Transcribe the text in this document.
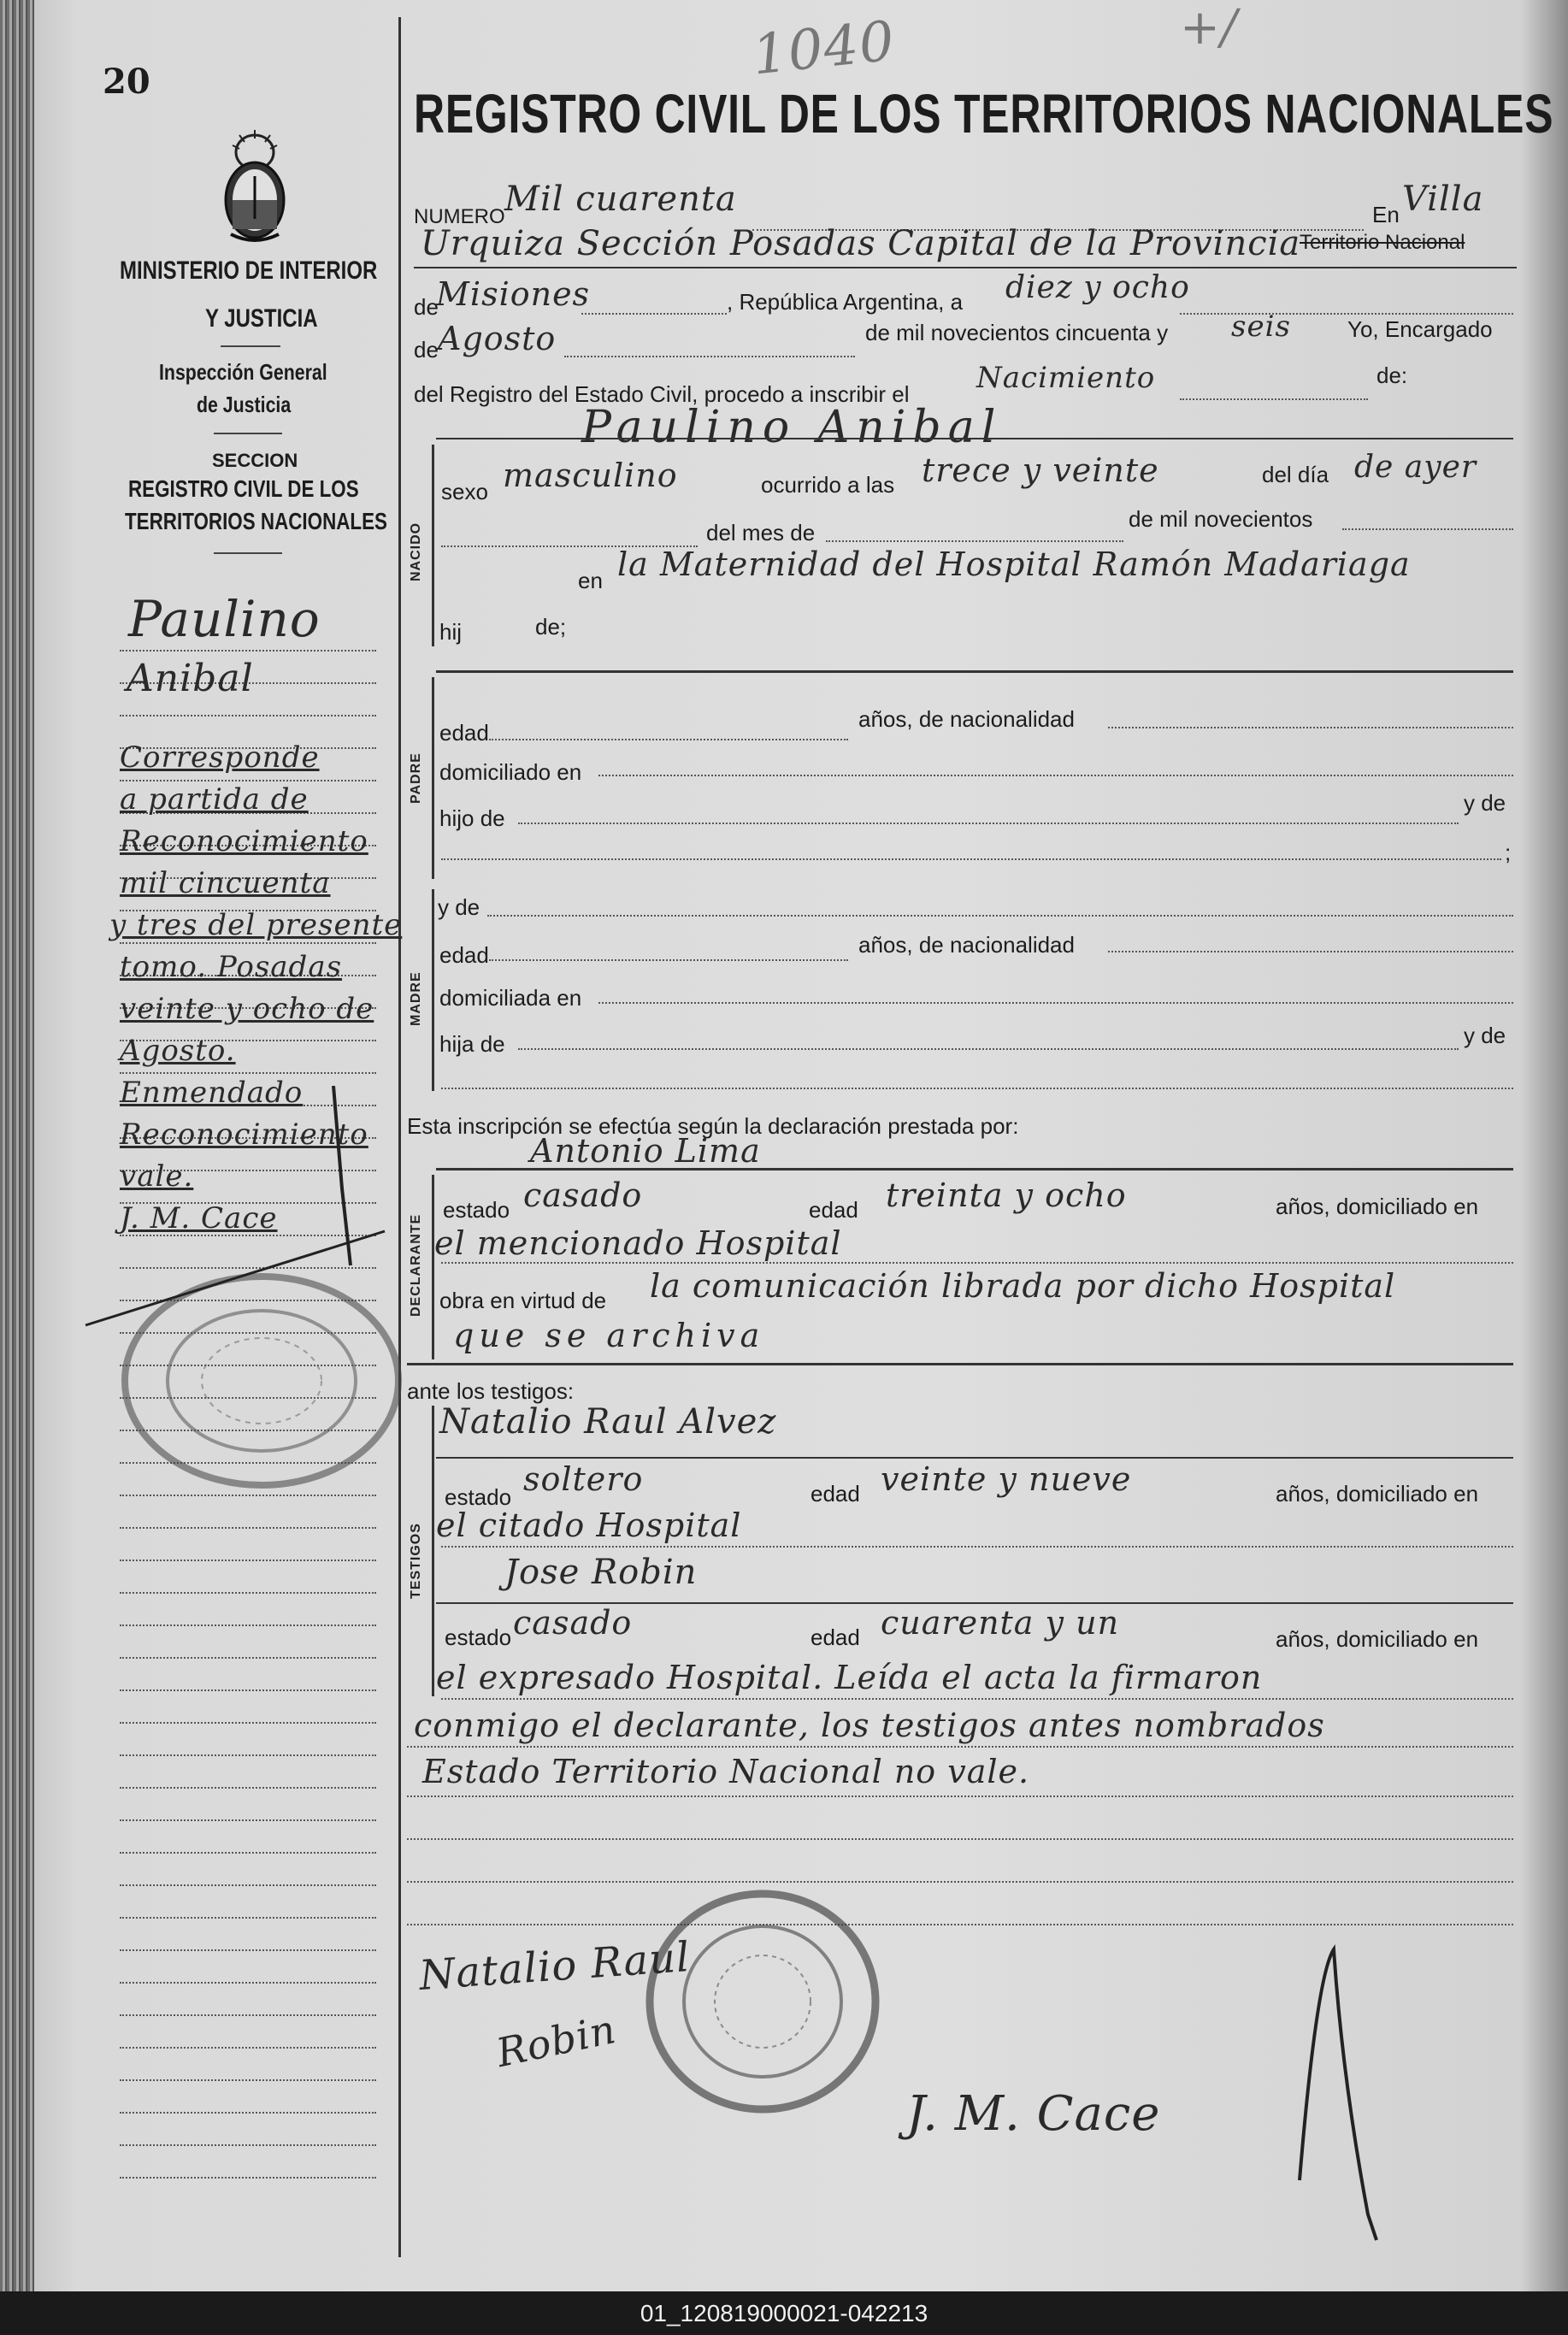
20	1040	+/
MINISTERIO DE INTERIOR
Y JUSTICIA
Inspección General
de Justicia
SECCION
REGISTRO CIVIL DE LOS
TERRITORIOS NACIONALES
Paulino
Anibal
Corresponde
a partida de
Reconocimiento
mil cincuenta
y tres del presente
tomo. Posadas
veinte y ocho de
Agosto.
Enmendado
Reconocimiento
vale.
J. M. Cace
REGISTRO CIVIL DE LOS TERRITORIOS NACIONALES
NUMERO Mil cuarenta	En Villa
Urquiza Sección Posadas Capital de la Provincia
Territorio Nacional
de
Misiones	, República Argentina, a diez y ocho
de Agosto	de mil novecientos cincuenta y seis	Yo, Encargado
del Registro del Estado Civil, procedo a inscribir el Nacimiento	de:
Paulino Anibal
NACIDO
sexo masculino	ocurrido a las trece y veinte	del día de ayer
del mes de
de mil novecientos
en la Maternidad del Hospital Ramón Madariaga
hij	de;
PADRE
edad
años, de nacionalidad
domiciliado en
hijo de
y de
;
MADRE
y de
edad	años, de nacionalidad
domiciliada en
hija de	y de
Esta inscripción se efectúa según la declaración prestada por:
Antonio Lima
DECLARANTE
estado casado	edad treinta y ocho	años, domiciliado en
el mencionado Hospital
obra en virtud de la comunicación librada por dicho Hospital
que se archiva
ante los testigos:
Natalio Raul Alvez
TESTIGOS
estado soltero	edad veinte y nueve	años, domiciliado en
el citado Hospital
Jose Robin
estado casado	edad cuarenta y un	años, domiciliado en
el expresado Hospital. Leída el acta la firmaron
conmigo el declarante, los testigos antes nombrados
Estado Territorio Nacional no vale.
Natalio Raul
Robin
J. M. Cace
01_120819000021-042213
